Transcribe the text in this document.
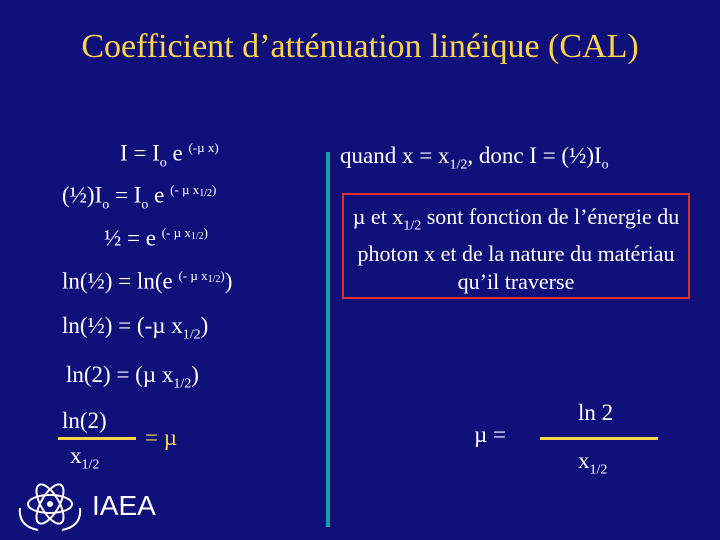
Coefficient d’atténuation linéique (CAL)
$I = I_o$ e $^{(-\mu x)}$
$(\frac{1}{2})I_o = I_o$ e $^{(- \mu x1/2)}$
½ = e $^{(- \mu x1/2)}$
ln(½) = ln(e $^{(- \mu x1/2)}$)
ln(½) = (-µ $x_{1/2}$)
ln(2) = (µ $x_{1/2}$)
ln(2)
$x_{1/2}$
= µ
IAEA
quand $x = x_{1/2}$, donc $I = (\frac{1}{2})I_o$
µ et $x_{1/2}$ sont fonction de l’énergie du photon x et de la nature du matériau qu’il traverse
µ =
ln 2
$x_{1/2}$
